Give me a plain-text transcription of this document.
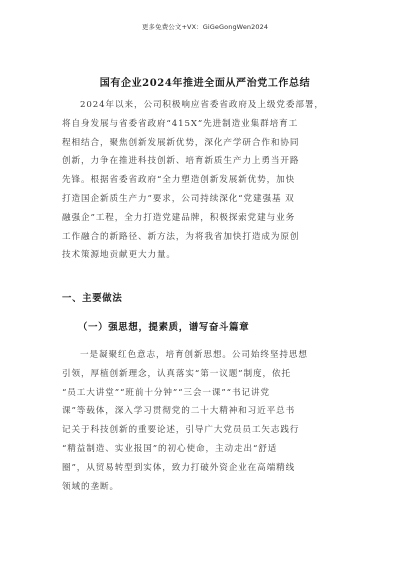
更多免费公文+VX：GiGeGongWen2024
国有企业2024年推进全面从严治党工作总结
2024年以来，公司积极响应省委省政府及上级党委部署，
将自身发展与省委省政府“415X”先进制造业集群培育工
程相结合，聚焦创新发展新优势，深化产学研合作和协同
创新，力争在推进科技创新、培育新质生产力上勇当开路
先锋。根据省委省政府“全力塑造创新发展新优势，加快
打造国企新质生产力”要求，公司持续深化“党建强基 双
融强企”工程，全力打造党建品牌，积极探索党建与业务
工作融合的新路径、新方法，为将我省加快打造成为原创
技术策源地贡献更大力量。
一、主要做法
（一）强思想，提素质，谱写奋斗篇章
一是凝聚红色意志，培育创新思想。公司始终坚持思想
引领，厚植创新理念，认真落实“第一议题”制度，依托
“员工大讲堂”“班前十分钟”“三会一课”“书记讲党
课”等载体，深入学习贯彻党的二十大精神和习近平总书
记关于科技创新的重要论述，引导广大党员员工矢志践行
“精益制造、实业报国”的初心使命，主动走出“舒适
圈”，从贸易转型到实体，致力打破外资企业在高端精线
领域的垄断。
